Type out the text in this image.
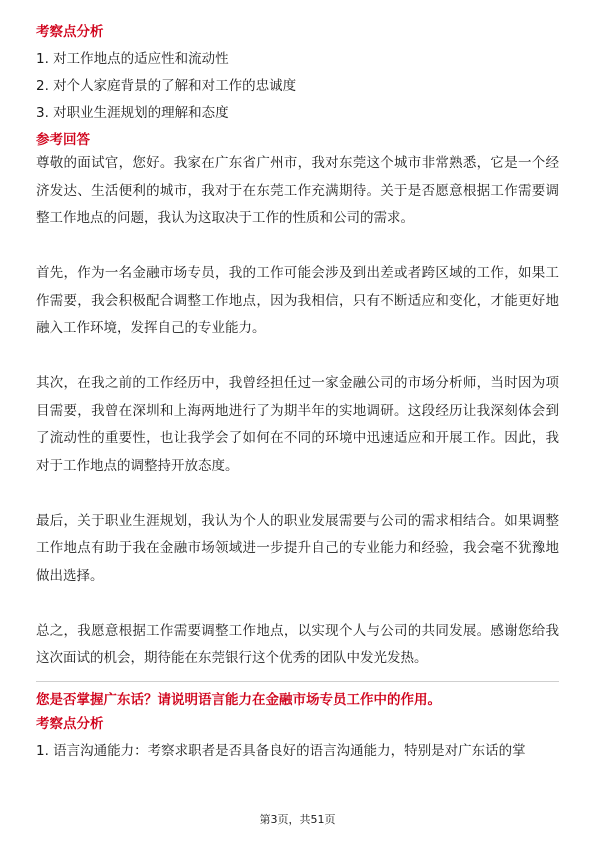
考察点分析
1. 对工作地点的适应性和流动性
2. 对个人家庭背景的了解和对工作的忠诚度
3. 对职业生涯规划的理解和态度
参考回答

尊敬的面试官，您好。我家在广东省广州市，我对东莞这个城市非常熟悉，它是一个经济发达、生活便利的城市，我对于在东莞工作充满期待。关于是否愿意根据工作需要调整工作地点的问题，我认为这取决于工作的性质和公司的需求。

首先，作为一名金融市场专员，我的工作可能会涉及到出差或者跨区域的工作，如果工作需要，我会积极配合调整工作地点，因为我相信，只有不断适应和变化，才能更好地融入工作环境，发挥自己的专业能力。

其次，在我之前的工作经历中，我曾经担任过一家金融公司的市场分析师，当时因为项目需要，我曾在深圳和上海两地进行了为期半年的实地调研。这段经历让我深刻体会到了流动性的重要性，也让我学会了如何在不同的环境中迅速适应和开展工作。因此，我对于工作地点的调整持开放态度。

最后，关于职业生涯规划，我认为个人的职业发展需要与公司的需求相结合。如果调整工作地点有助于我在金融市场领域进一步提升自己的专业能力和经验，我会毫不犹豫地做出选择。

总之，我愿意根据工作需要调整工作地点，以实现个人与公司的共同发展。感谢您给我这次面试的机会，期待能在东莞银行这个优秀的团队中发光发热。

您是否掌握广东话？请说明语言能力在金融市场专员工作中的作用。
考察点分析
1. 语言沟通能力：考察求职者是否具备良好的语言沟通能力，特别是对广东话的掌
第3页，共51页
